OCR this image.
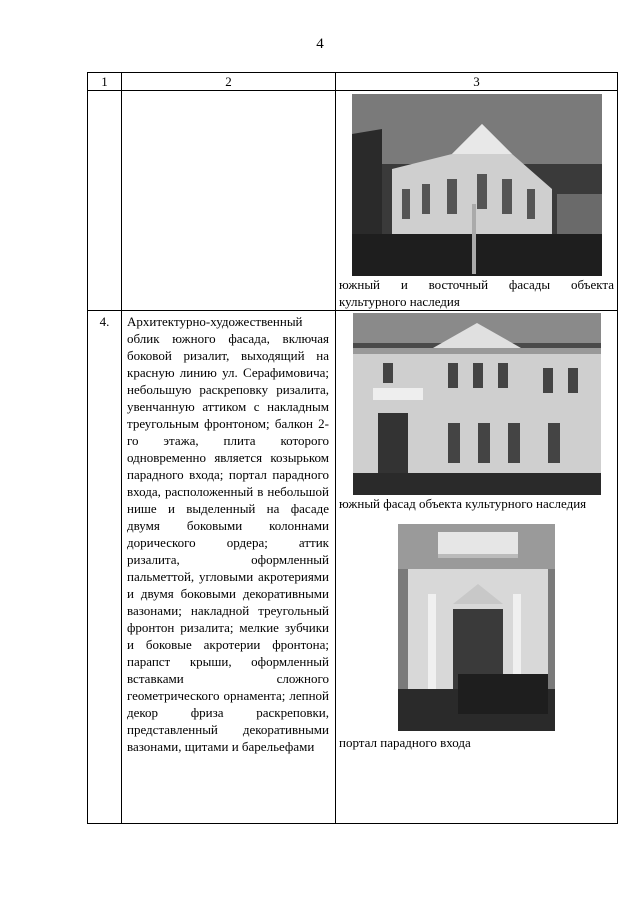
4
1	2	3

		южный и восточный фасады объекта культурного наследия

4.	Архитектурно-художественный облик южного фасада, включая боковой ризалит, выходящий на красную линию ул. Серафимовича; небольшую раскреповку ризалита, увенчанную аттиком с накладным треугольным фронтоном; балкон 2-го этажа, плита которого одновременно является козырьком парадного входа; портал парадного входа, расположенный в небольшой нише и выделенный на фасаде двумя боковыми колоннами дорического ордера; аттик ризалита, оформленный пальметтой, угловыми акротериями и двумя боковыми декоративными вазонами; накладной треугольный фронтон ризалита; мелкие зубчики и боковые акротерии фронтона; парапст крыши, оформленный вставками сложного геометрического орнамента; лепной декор фриза раскреповки, представленный декоративными вазонами, щитами и барельефами	южный фасад объекта культурного наследия
портал парадного входа
